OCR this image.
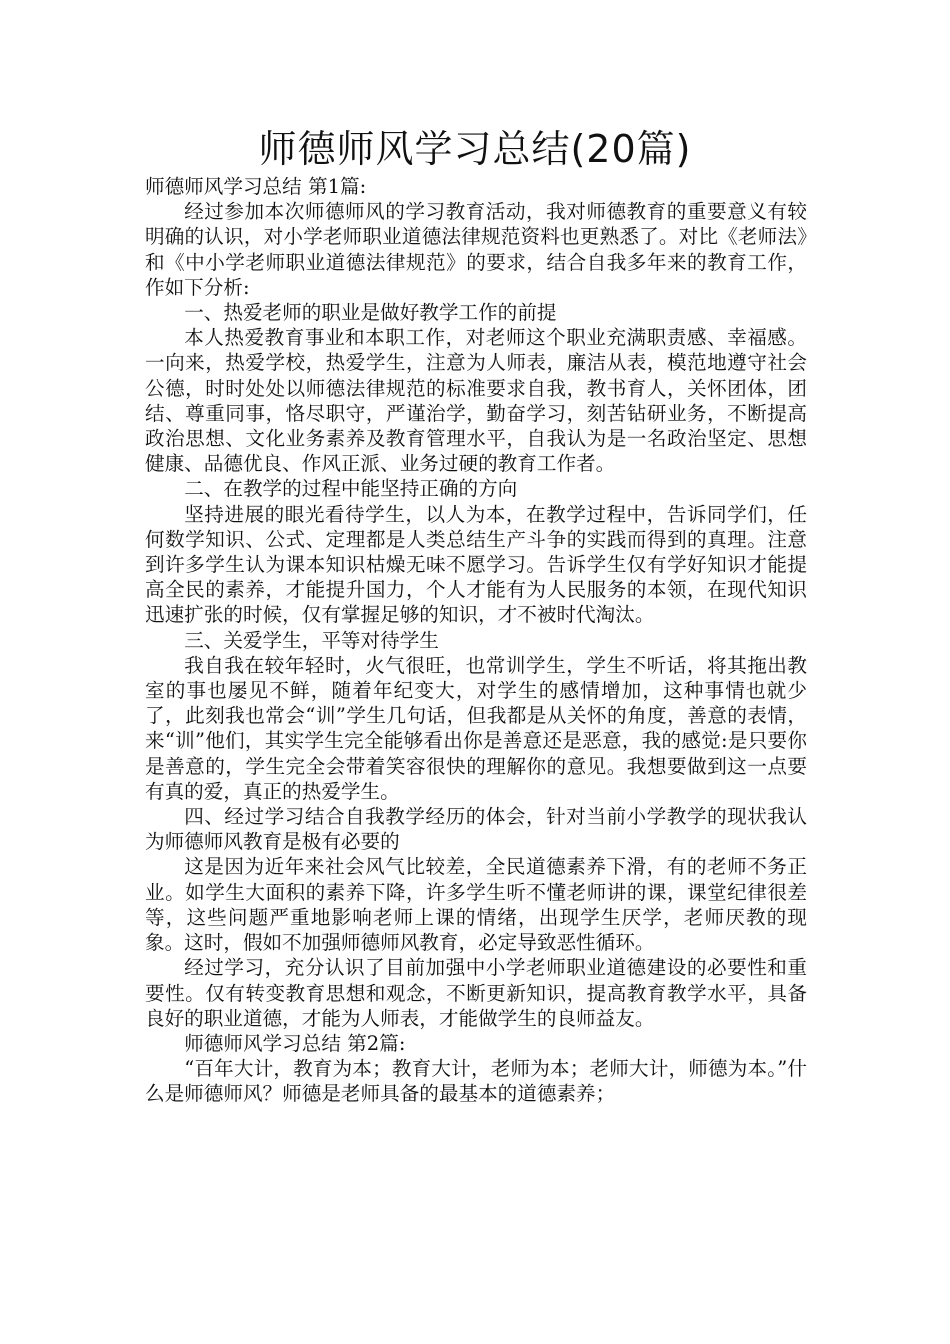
师德师风学习总结(20篇)

师德师风学习总结 第1篇:

经过参加本次师德师风的学习教育活动，我对师德教育的重要意义有较明确的认识，对小学老师职业道德法律规范资料也更熟悉了。对比《老师法》和《中小学老师职业道德法律规范》的要求，结合自我多年来的教育工作，作如下分析:

一、热爱老师的职业是做好教学工作的前提

本人热爱教育事业和本职工作，对老师这个职业充满职责感、幸福感。一向来，热爱学校，热爱学生，注意为人师表，廉洁从表，模范地遵守社会公德，时时处处以师德法律规范的标准要求自我，教书育人，关怀团体，团结、尊重同事，恪尽职守，严谨治学，勤奋学习，刻苦钻研业务，不断提高政治思想、文化业务素养及教育管理水平，自我认为是一名政治坚定、思想健康、品德优良、作风正派、业务过硬的教育工作者。

二、在教学的过程中能坚持正确的方向

坚持进展的眼光看待学生，以人为本，在教学过程中，告诉同学们，任何数学知识、公式、定理都是人类总结生产斗争的实践而得到的真理。注意到许多学生认为课本知识枯燥无味不愿学习。告诉学生仅有学好知识才能提高全民的素养，才能提升国力，个人才能有为人民服务的本领，在现代知识迅速扩张的时候，仅有掌握足够的知识，才不被时代淘汰。

三、关爱学生，平等对待学生

我自我在较年轻时，火气很旺，也常训学生，学生不听话，将其拖出教室的事也屡见不鲜，随着年纪变大，对学生的感情增加，这种事情也就少了，此刻我也常会“训”学生几句话，但我都是从关怀的角度，善意的表情，来“训”他们，其实学生完全能够看出你是善意还是恶意，我的感觉:是只要你是善意的，学生完全会带着笑容很快的理解你的意见。我想要做到这一点要有真的爱，真正的热爱学生。

四、经过学习结合自我教学经历的体会，针对当前小学教学的现状我认为师德师风教育是极有必要的

这是因为近年来社会风气比较差，全民道德素养下滑，有的老师不务正业。如学生大面积的素养下降，许多学生听不懂老师讲的课，课堂纪律很差等，这些问题严重地影响老师上课的情绪，出现学生厌学，老师厌教的现象。这时，假如不加强师德师风教育，必定导致恶性循环。

经过学习，充分认识了目前加强中小学老师职业道德建设的必要性和重要性。仅有转变教育思想和观念，不断更新知识，提高教育教学水平，具备良好的职业道德，才能为人师表，才能做学生的良师益友。

师德师风学习总结 第2篇:

“百年大计，教育为本；教育大计，老师为本；老师大计，师德为本。”什么是师德师风？师德是老师具备的最基本的道德素养；
